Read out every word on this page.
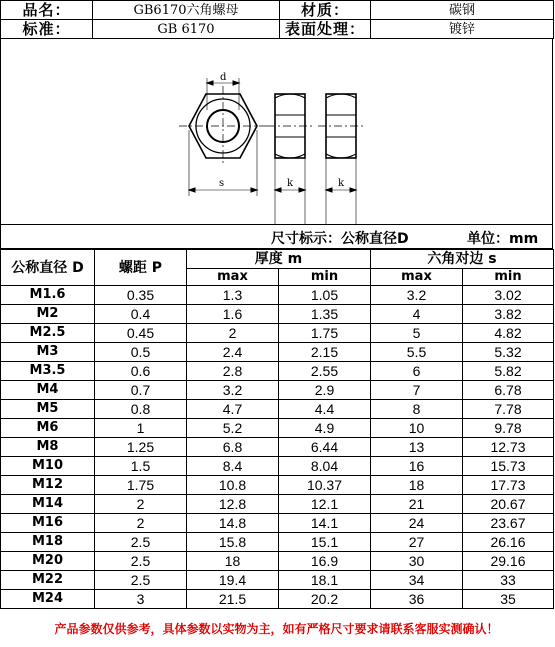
品名：	GB6170六角螺母	材质：	碳钢
标准：	GB 6170	表面处理：	镀锌
d
s	k	k
尺寸标示：公称直径D	单位：mm
公称直径 D	螺距 P	厚度 m		六角对边 s	
		max	min	max	min
M1.6	0.35	1.3	1.05	3.2	3.02
M2	0.4	1.6	1.35	4	3.82
M2.5	0.45	2	1.75	5	4.82
M3	0.5	2.4	2.15	5.5	5.32
M3.5	0.6	2.8	2.55	6	5.82
M4	0.7	3.2	2.9	7	6.78
M5	0.8	4.7	4.4	8	7.78
M6	1	5.2	4.9	10	9.78
M8	1.25	6.8	6.44	13	12.73
M10	1.5	8.4	8.04	16	15.73
M12	1.75	10.8	10.37	18	17.73
M14	2	12.8	12.1	21	20.67
M16	2	14.8	14.1	24	23.67
M18	2.5	15.8	15.1	27	26.16
M20	2.5	18	16.9	30	29.16
M22	2.5	19.4	18.1	34	33
M24	3	21.5	20.2	36	35
产品参数仅供参考，具体参数以实物为主，如有严格尺寸要求请联系客服实测确认！
